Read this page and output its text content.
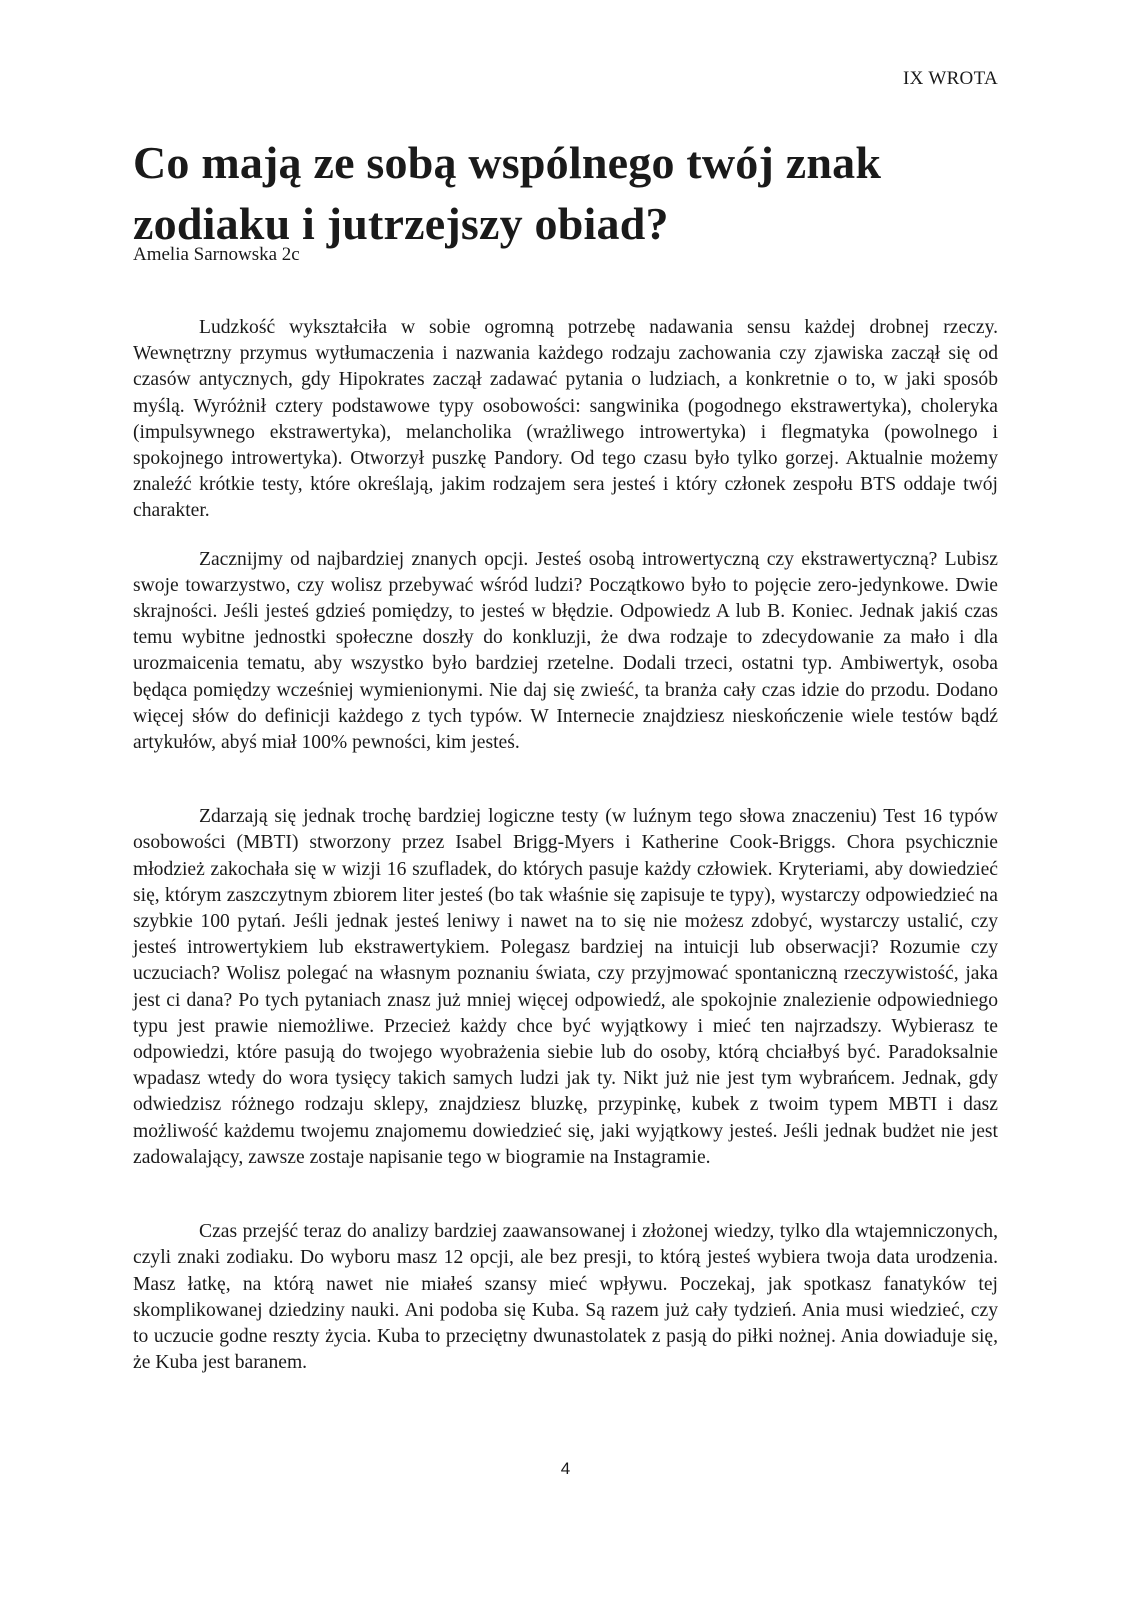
IX WROTA
Co mają ze sobą wspólnego twój znak zodiaku i jutrzejszy obiad?
Amelia Sarnowska 2c

Ludzkość wykształciła w sobie ogromną potrzebę nadawania sensu każdej drobnej rzeczy. Wewnętrzny przymus wytłumaczenia i nazwania każdego rodzaju zachowania czy zjawiska zaczął się od czasów antycznych, gdy Hipokrates zaczął zadawać pytania o ludziach, a konkretnie o to, w jaki sposób myślą. Wyróżnił cztery podstawowe typy osobowości: sangwinika (pogodnego ekstrawertyka), choleryka (impulsywnego ekstrawertyka), melancholika (wrażliwego introwertyka) i flegmatyka (powolnego i spokojnego introwertyka). Otworzył puszkę Pandory. Od tego czasu było tylko gorzej. Aktualnie możemy znaleźć krótkie testy, które określają, jakim rodzajem sera jesteś i który członek zespołu BTS oddaje twój charakter.

Zacznijmy od najbardziej znanych opcji. Jesteś osobą introwertyczną czy ekstrawertyczną? Lubisz swoje towarzystwo, czy wolisz przebywać wśród ludzi? Początkowo było to pojęcie zero-jedynkowe. Dwie skrajności. Jeśli jesteś gdzieś pomiędzy, to jesteś w błędzie. Odpowiedz A lub B. Koniec. Jednak jakiś czas temu wybitne jednostki społeczne doszły do konkluzji, że dwa rodzaje to zdecydowanie za mało i dla urozmaicenia tematu, aby wszystko było bardziej rzetelne. Dodali trzeci, ostatni typ. Ambiwertyk, osoba będąca pomiędzy wcześniej wymienionymi. Nie daj się zwieść, ta branża cały czas idzie do przodu. Dodano więcej słów do definicji każdego z tych typów. W Internecie znajdziesz nieskończenie wiele testów bądź artykułów, abyś miał 100% pewności, kim jesteś.

Zdarzają się jednak trochę bardziej logiczne testy (w luźnym tego słowa znaczeniu) Test 16 typów osobowości (MBTI) stworzony przez Isabel Brigg-Myers i Katherine Cook-Briggs. Chora psychicznie młodzież zakochała się w wizji 16 szufladek, do których pasuje każdy człowiek. Kryteriami, aby dowiedzieć się, którym zaszczytnym zbiorem liter jesteś (bo tak właśnie się zapisuje te typy), wystarczy odpowiedzieć na szybkie 100 pytań. Jeśli jednak jesteś leniwy i nawet na to się nie możesz zdobyć, wystarczy ustalić, czy jesteś introwertykiem lub ekstrawertykiem. Polegasz bardziej na intuicji lub obserwacji? Rozumie czy uczuciach? Wolisz polegać na własnym poznaniu świata, czy przyjmować spontaniczną rzeczywistość, jaka jest ci dana? Po tych pytaniach znasz już mniej więcej odpowiedź, ale spokojnie znalezienie odpowiedniego typu jest prawie niemożliwe. Przecież każdy chce być wyjątkowy i mieć ten najrzadszy. Wybierasz te odpowiedzi, które pasują do twojego wyobrażenia siebie lub do osoby, którą chciałbyś być. Paradoksalnie wpadasz wtedy do wora tysięcy takich samych ludzi jak ty. Nikt już nie jest tym wybrańcem. Jednak, gdy odwiedzisz różnego rodzaju sklepy, znajdziesz bluzkę, przypinkę, kubek z twoim typem MBTI i dasz możliwość każdemu twojemu znajomemu dowiedzieć się, jaki wyjątkowy jesteś. Jeśli jednak budżet nie jest zadowalający, zawsze zostaje napisanie tego w biogramie na Instagramie.

Czas przejść teraz do analizy bardziej zaawansowanej i złożonej wiedzy, tylko dla wtajemniczonych, czyli znaki zodiaku. Do wyboru masz 12 opcji, ale bez presji, to którą jesteś wybiera twoja data urodzenia. Masz łatkę, na którą nawet nie miałeś szansy mieć wpływu. Poczekaj, jak spotkasz fanatyków tej skomplikowanej dziedziny nauki. Ani podoba się Kuba. Są razem już cały tydzień. Ania musi wiedzieć, czy to uczucie godne reszty życia. Kuba to przeciętny dwunastolatek z pasją do piłki nożnej. Ania dowiaduje się, że Kuba jest baranem.

4
